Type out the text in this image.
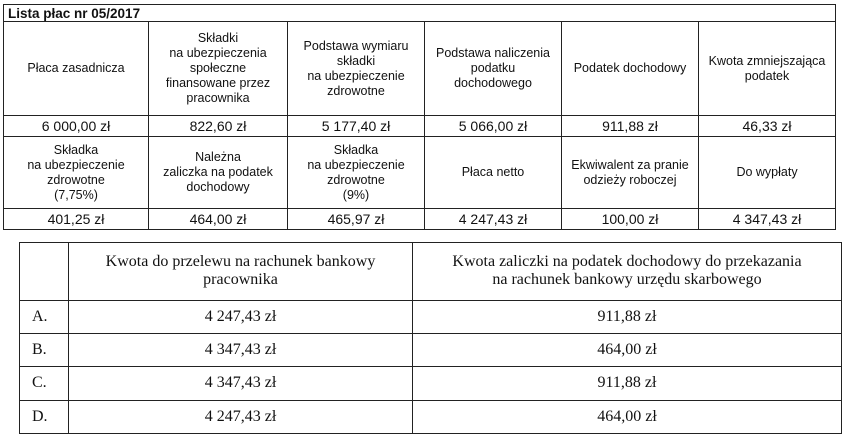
Lista płac nr 05/2017					
Płaca zasadnicza	Składki
na ubezpieczenia
społeczne
finansowane przez
pracownika	Podstawa wymiaru
składki
na ubezpieczenie
zdrowotne	Podstawa naliczenia
podatku
dochodowego	Podatek dochodowy	Kwota zmniejszająca
podatek
6 000,00 zł	822,60 zł	5 177,40 zł	5 066,00 zł	911,88 zł	46,33 zł
Składka
na ubezpieczenie
zdrowotne
(7,75%)	Należna
zaliczka na podatek
dochodowy	Składka
na ubezpieczenie
zdrowotne
(9%)	Płaca netto	Ekwiwalent za pranie
odzieży roboczej	Do wypłaty
401,25 zł	464,00 zł	465,97 zł	4 247,43 zł	100,00 zł	4 347,43 zł
	Kwota do przelewu na rachunek bankowy
pracownika	Kwota zaliczki na podatek dochodowy do przekazania
na rachunek bankowy urzędu skarbowego
A.	4 247,43 zł	911,88 zł
B.	4 347,43 zł	464,00 zł
C.	4 347,43 zł	911,88 zł
D.	4 247,43 zł	464,00 zł
